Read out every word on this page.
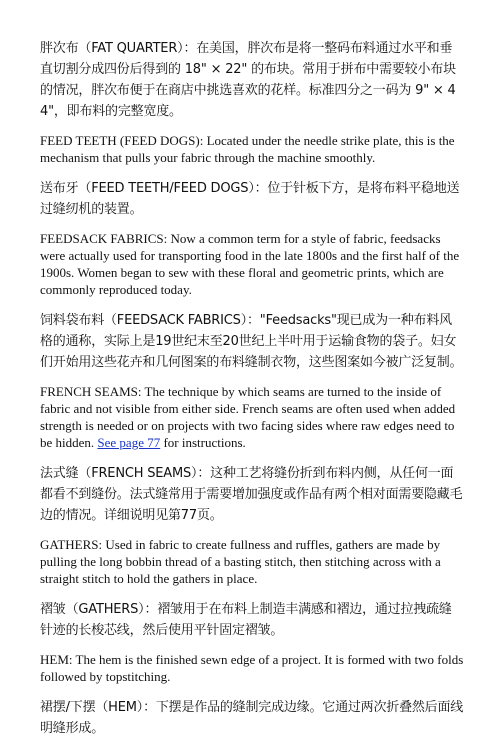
胖次布（FAT QUARTER）：在美国，胖次布是将一整码布料通过水平和垂直切割分成四份后得到的 18" × 22" 的布块。常用于拼布中需要较小布块的情况，胖次布便于在商店中挑选喜欢的花样。标准四分之一码为 9" × 44"，即布料的完整宽度。

FEED TEETH (FEED DOGS): Located under the needle strike plate, this is the mechanism that pulls your fabric through the machine smoothly.

送布牙（FEED TEETH/FEED DOGS）：位于针板下方，是将布料平稳地送过缝纫机的装置。

FEEDSACK FABRICS: Now a common term for a style of fabric, feedsacks were actually used for transporting food in the late 1800s and the first half of the 1900s. Women began to sew with these floral and geometric prints, which are commonly reproduced today.

饲料袋布料（FEEDSACK FABRICS）："Feedsacks"现已成为一种布料风格的通称，实际上是19世纪末至20世纪上半叶用于运输食物的袋子。妇女们开始用这些花卉和几何图案的布料缝制衣物，这些图案如今被广泛复制。

FRENCH SEAMS: The technique by which seams are turned to the inside of fabric and not visible from either side. French seams are often used when added strength is needed or on projects with two facing sides where raw edges need to be hidden. See page 77 for instructions.

法式缝（FRENCH SEAMS）：这种工艺将缝份折到布料内侧，从任何一面都看不到缝份。法式缝常用于需要增加强度或作品有两个相对面需要隐藏毛边的情况。详细说明见第77页。

GATHERS: Used in fabric to create fullness and ruffles, gathers are made by pulling the long bobbin thread of a basting stitch, then stitching across with a straight stitch to hold the gathers in place.

褶皱（GATHERS）：褶皱用于在布料上制造丰满感和褶边，通过拉拽疏缝针迹的长梭芯线，然后使用平针固定褶皱。

HEM: The hem is the finished sewn edge of a project. It is formed with two folds followed by topstitching.

裙摆/下摆（HEM）：下摆是作品的缝制完成边缘。它通过两次折叠然后面线明缝形成。
